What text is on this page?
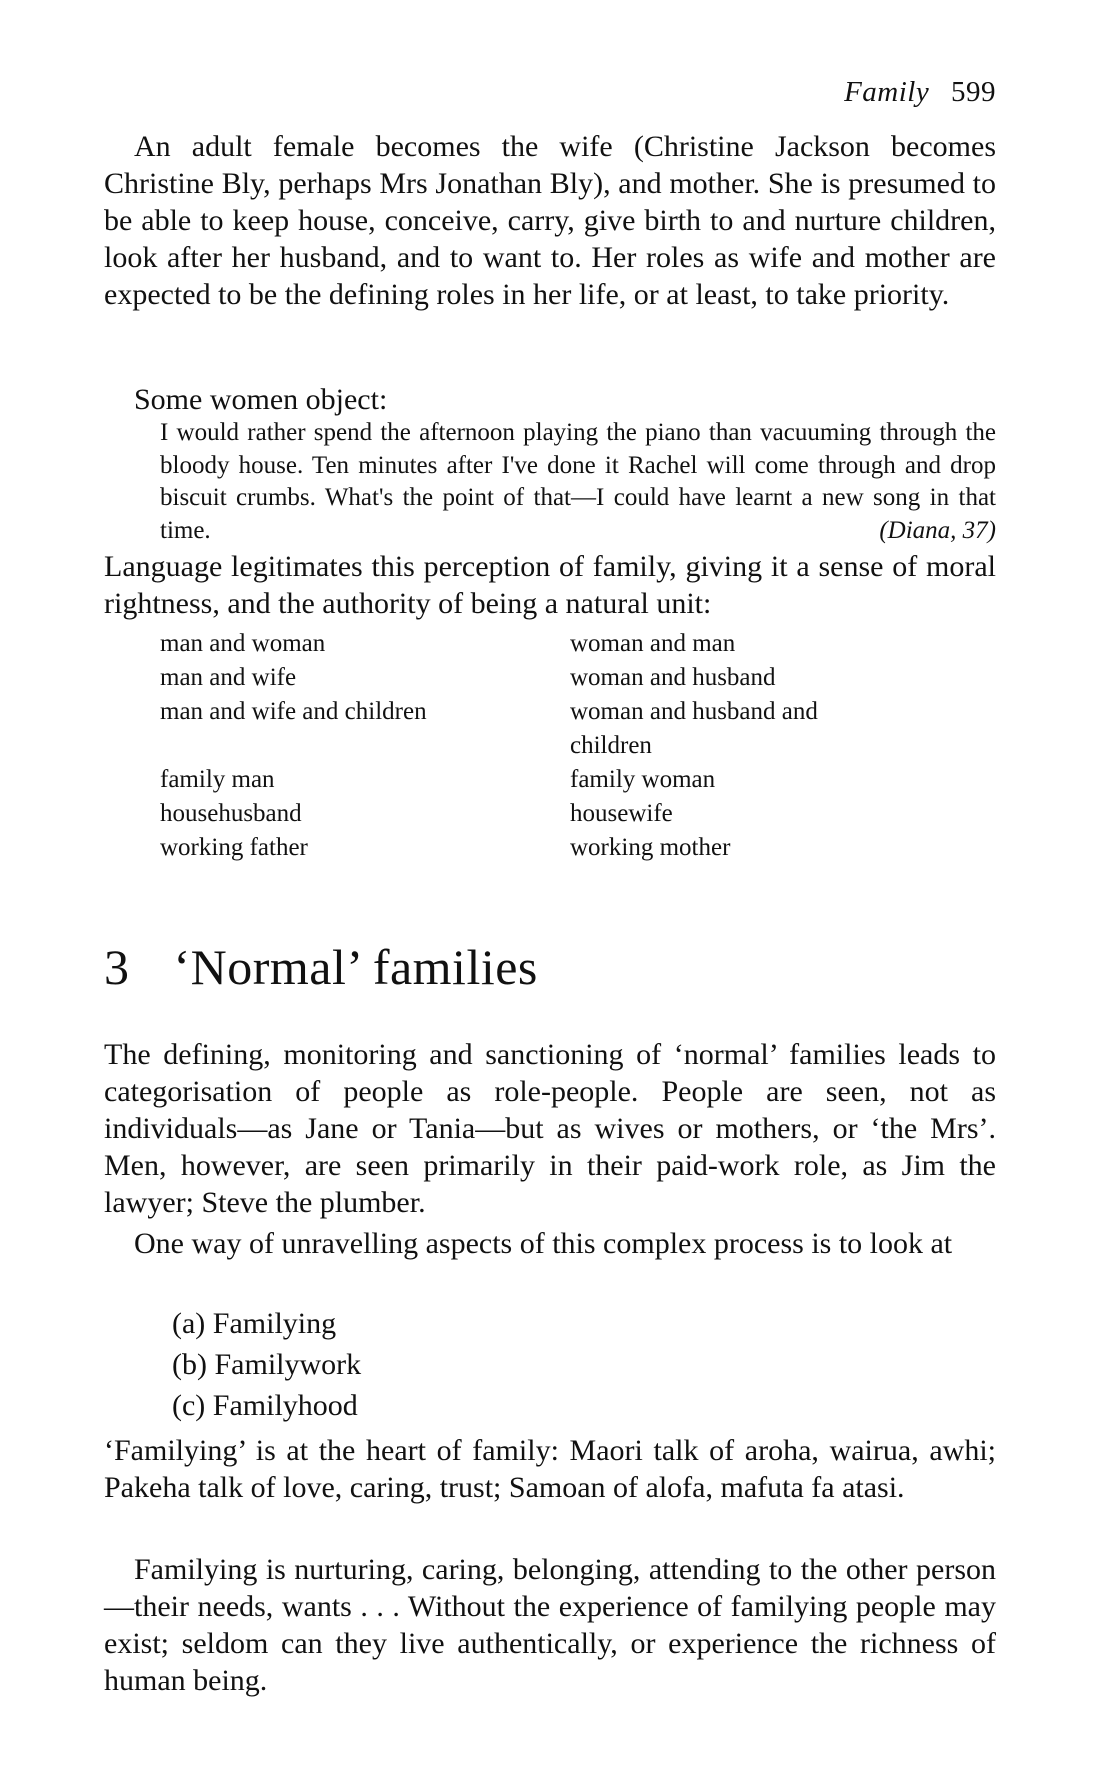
Family 599

An adult female becomes the wife (Christine Jackson becomes Christine Bly, perhaps Mrs Jonathan Bly), and mother. She is presumed to be able to keep house, conceive, carry, give birth to and nurture children, look after her husband, and to want to. Her roles as wife and mother are expected to be the defining roles in her life, or at least, to take priority.

Some women object:

I would rather spend the afternoon playing the piano than vacuuming through the bloody house. Ten minutes after I've done it Rachel will come through and drop biscuit crumbs. What's the point of that—I could have learnt a new song in that time.	(Diana, 37)

Language legitimates this perception of family, giving it a sense of moral rightness, and the authority of being a natural unit:

man and woman	woman and man
man and wife	woman and husband
man and wife and children	woman and husband and
children
family man	family woman
househusband	housewife
working father	working mother
3 ‘Normal’ families

The defining, monitoring and sanctioning of ‘normal’ families leads to categorisation of people as role-people. People are seen, not as individuals—as Jane or Tania—but as wives or mothers, or ‘the Mrs’. Men, however, are seen primarily in their paid-work role, as Jim the lawyer; Steve the plumber.

One way of unravelling aspects of this complex process is to look at

(a) Familying
(b) Familywork
(c) Familyhood

‘Familying’ is at the heart of family: Maori talk of aroha, wairua, awhi; Pakeha talk of love, caring, trust; Samoan of alofa, mafuta fa atasi.

Familying is nurturing, caring, belonging, attending to the other person—their needs, wants . . . Without the experience of familying people may exist; seldom can they live authentically, or experience the richness of human being.
